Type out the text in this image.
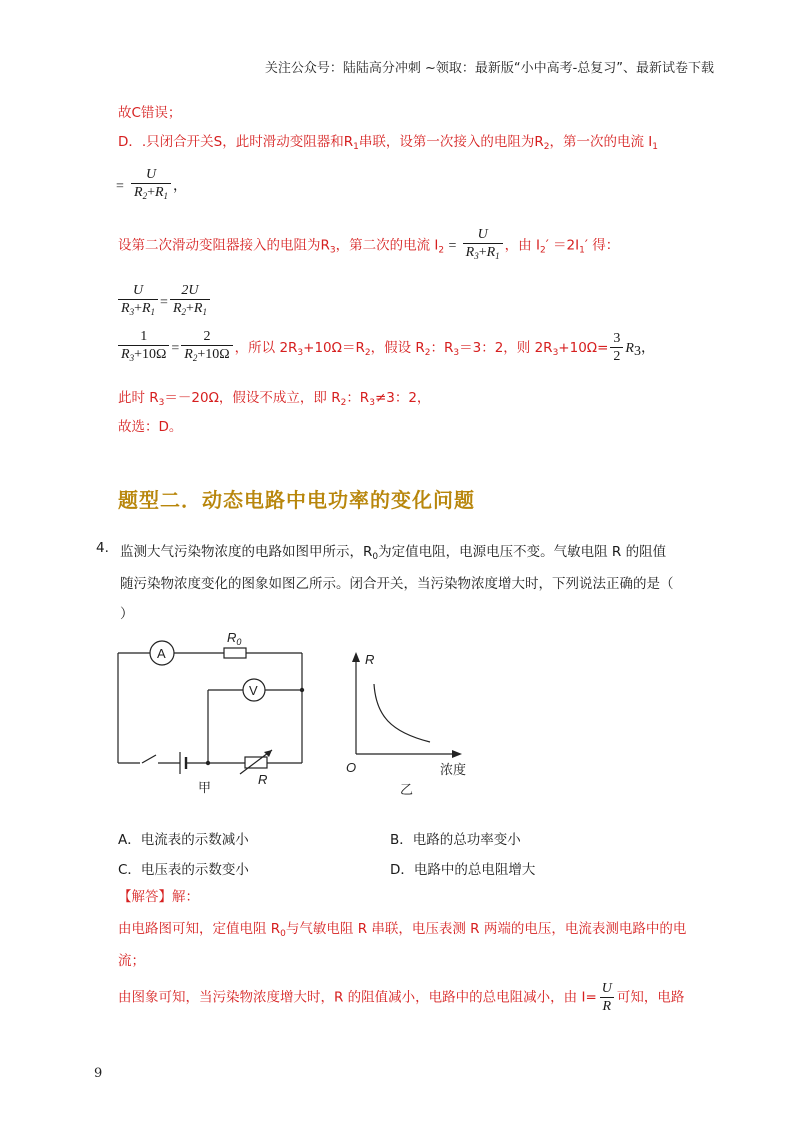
关注公众号：陆陆高分冲刺 ~领取：最新版“小中高考-总复习”、最新试卷下载
故C错误；
D．.只闭合开关S，此时滑动变阻器和$R_1$串联，设第一次接入的电阻为$R_2$，第一次的电流 $I_1$
= $\frac{U}{R_2+R_1}$ ，
设第二次滑动变阻器接入的电阻为$R_3$，第二次的电流 $I_2 = \frac{U}{R_3+R_1}$ ，由 $I_2' =2I_1'$ 得：
$\frac{U}{R_3+R_1} = \frac{2U}{R_2+R_1}$
$\frac{1}{R_3+10\Omega} = \frac{2}{R_2+10\Omega}$ ，所以 $2R_3+10\Omega=R_2$，假设 $R_2$：$R_3=3$：2，则 $2R_3+10\Omega= \frac{3}{2} R_3$，
此时 $R_3=-20\Omega$，假设不成立，即 $R_2$：$R_3\ne 3$：2，
故选：D。
题型二．动态电路中电功率的变化问题
4. 监测大气污染物浓度的电路如图甲所示，$R_0$为定值电阻，电源电压不变。气敏电阻 R 的阻值
随污染物浓度变化的图象如图乙所示。闭合开关，当污染物浓度增大时，下列说法正确的是（
）
A
V
$R_0$
R
甲
R
O	浓度
乙
A．电流表的示数减小	B．电路的总功率变小
C．电压表的示数变小	D．电路中的总电阻增大
【解答】解：
由电路图可知，定值电阻 $R_0$与气敏电阻 R 串联，电压表测 R 两端的电压，电流表测电路中的电
流；
由图象可知，当污染物浓度增大时，R 的阻值减小，电路中的总电阻减小，由 $I= \frac{U}{R}$ 可知，电路
9
